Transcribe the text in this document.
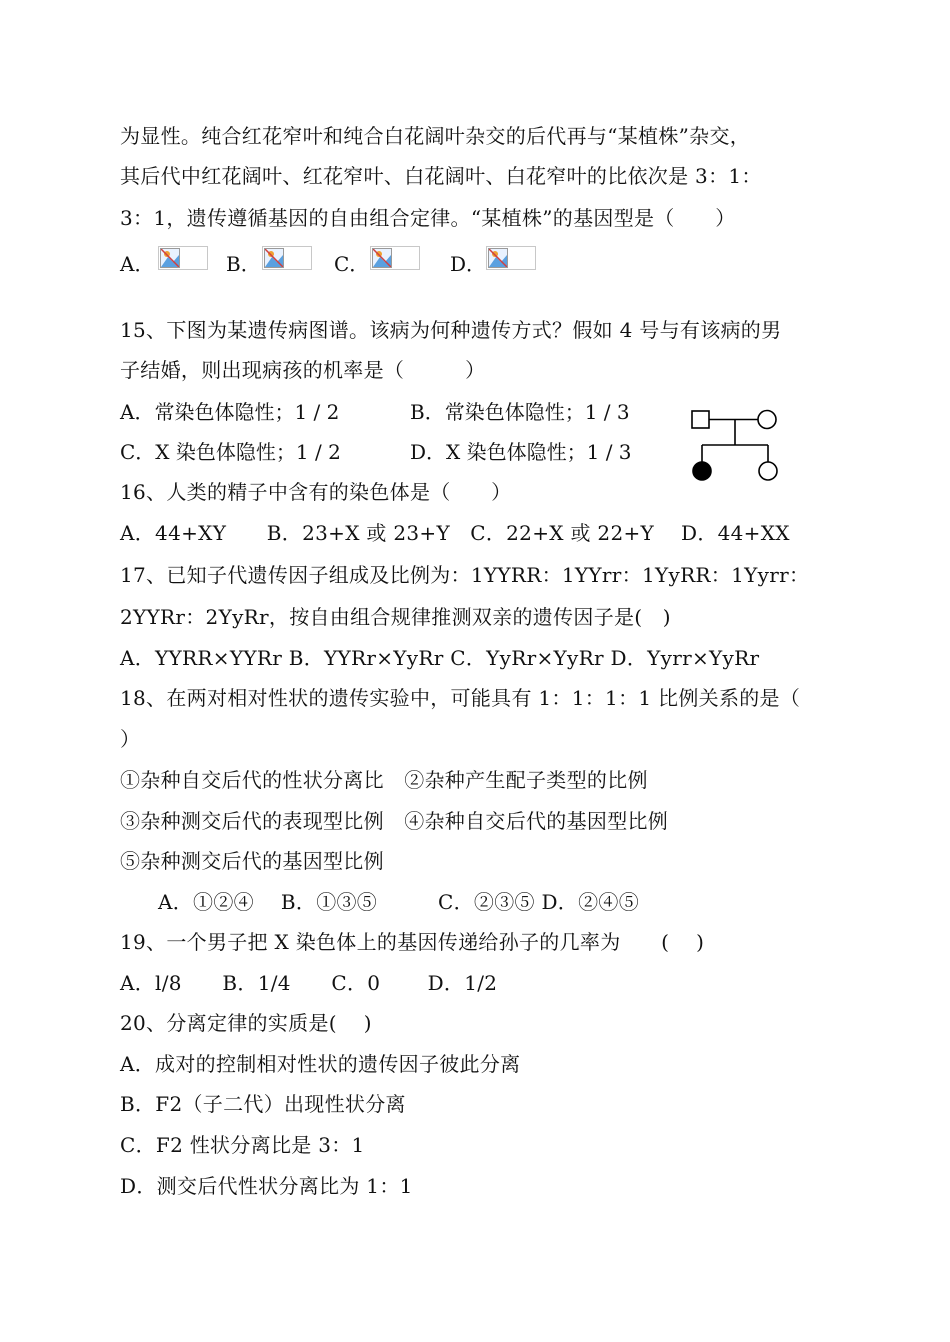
为显性。纯合红花窄叶和纯合白花阔叶杂交的后代再与“某植株”杂交，
其后代中红花阔叶、红花窄叶、白花阔叶、白花窄叶的比依次是 3：1：
3：1，遗传遵循基因的自由组合定律。“某植株”的基因型是（　　）
A．	B．	C．	D．
15、下图为某遗传病图谱。该病为何种遗传方式？假如 4 号与有该病的男
子结婚，则出现病孩的机率是（　　　）
A．常染色体隐性；1 / 2	B．常染色体隐性；1 / 3
C．X 染色体隐性；1 / 2	D．X 染色体隐性；1 / 3
16、人类的精子中含有的染色体是（　　）
A．44+XY　　B．23+X 或 23+Y　C．22+X 或 22+Y　 D．44+XX
17、已知子代遗传因子组成及比例为：1YYRR：1YYrr：1YyRR：1Yyrr：
2YYRr：2YyRr，按自由组合规律推测双亲的遗传因子是(　)
A．YYRR×YYRr B．YYRr×YyRr C．YyRr×YyRr D．Yyrr×YyRr
18、在两对相对性状的遗传实验中，可能具有 1：1：1：1 比例关系的是（
）
①杂种自交后代的性状分离比　②杂种产生配子类型的比例
③杂种测交后代的表现型比例　④杂种自交后代的基因型比例
⑤杂种测交后代的基因型比例
A．①②④　 B．①③⑤　　　C．②③⑤ D．②④⑤
19、一个男子把 X 染色体上的基因传递给孙子的几率为　　(　 )
A．l/8　　B．1/4　　C．0　　 D．1/2
20、分离定律的实质是(　 )
A．成对的控制相对性状的遗传因子彼此分离
B．F2（子二代）出现性状分离
C．F2 性状分离比是 3：1
D．测交后代性状分离比为 1：1
